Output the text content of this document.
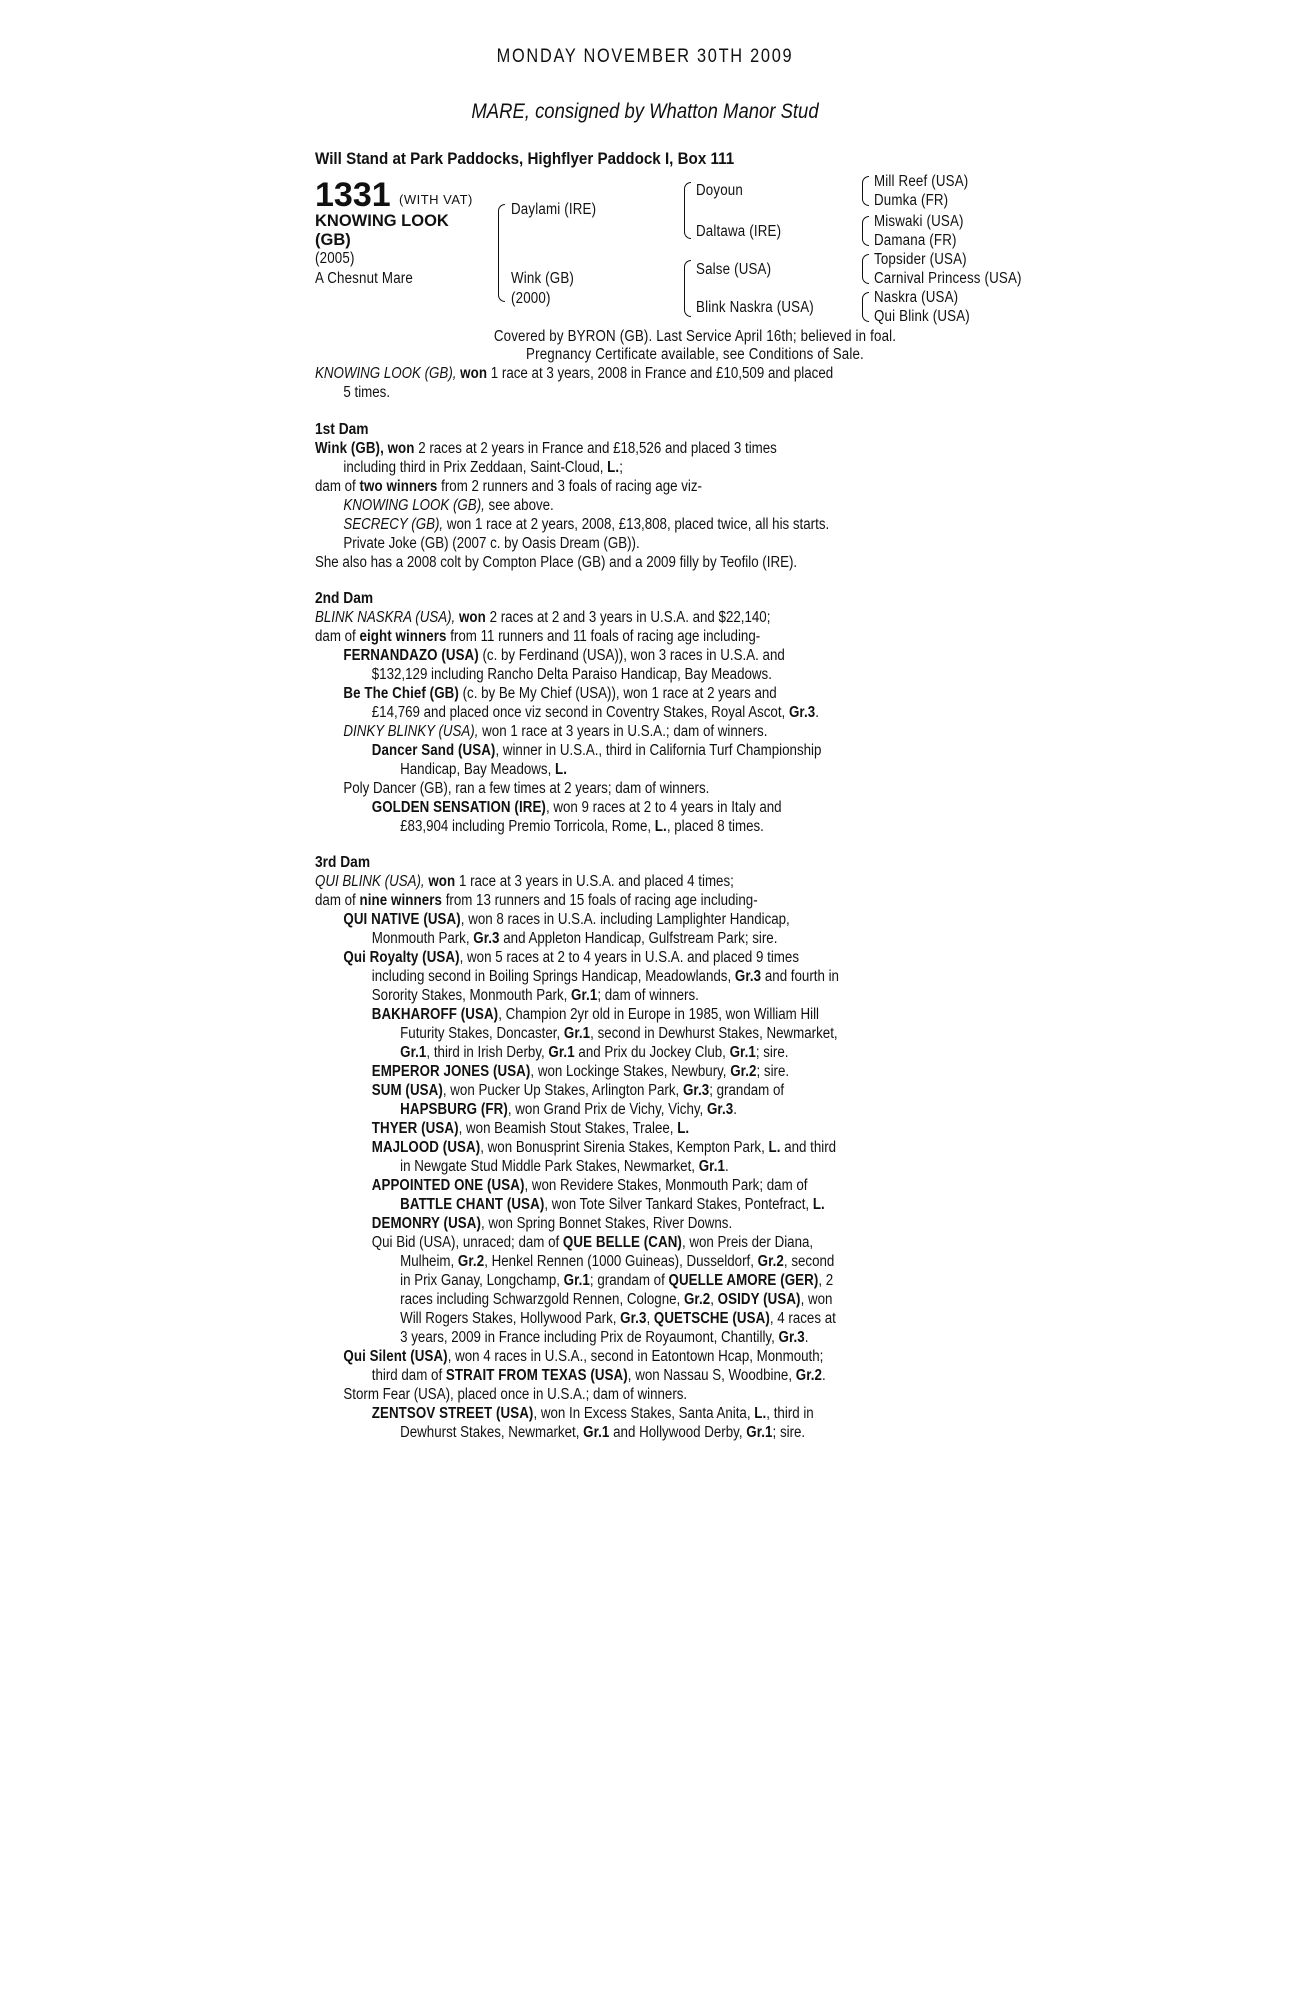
MONDAY NOVEMBER 30TH 2009
MARE, consigned by Whatton Manor Stud
Will Stand at Park Paddocks, Highflyer Paddock I, Box 111
1331 (WITH VAT)
KNOWING LOOK
(GB)
(2005)
A Chesnut Mare
Daylami (IRE)
Wink (GB)
(2000)
Doyoun
Daltawa (IRE)
Salse (USA)
Blink Naskra (USA)
Mill Reef (USA)
Dumka (FR)
Miswaki (USA)
Damana (FR)
Topsider (USA)
Carnival Princess (USA)
Naskra (USA)
Qui Blink (USA)
Covered by BYRON (GB). Last Service April 16th; believed in foal.
Pregnancy Certificate available, see Conditions of Sale.
KNOWING LOOK (GB), won 1 race at 3 years, 2008 in France and £10,509 and placed
5 times.
1st Dam
Wink (GB), won 2 races at 2 years in France and £18,526 and placed 3 times
including third in Prix Zeddaan, Saint-Cloud, L.;
dam of two winners from 2 runners and 3 foals of racing age viz-
KNOWING LOOK (GB), see above.
SECRECY (GB), won 1 race at 2 years, 2008, £13,808, placed twice, all his starts.
Private Joke (GB) (2007 c. by Oasis Dream (GB)).
She also has a 2008 colt by Compton Place (GB) and a 2009 filly by Teofilo (IRE).
2nd Dam
BLINK NASKRA (USA), won 2 races at 2 and 3 years in U.S.A. and $22,140;
dam of eight winners from 11 runners and 11 foals of racing age including-
FERNANDAZO (USA) (c. by Ferdinand (USA)), won 3 races in U.S.A. and
$132,129 including Rancho Delta Paraiso Handicap, Bay Meadows.
Be The Chief (GB) (c. by Be My Chief (USA)), won 1 race at 2 years and
£14,769 and placed once viz second in Coventry Stakes, Royal Ascot, Gr.3.
DINKY BLINKY (USA), won 1 race at 3 years in U.S.A.; dam of winners.
Dancer Sand (USA), winner in U.S.A., third in California Turf Championship
Handicap, Bay Meadows, L.
Poly Dancer (GB), ran a few times at 2 years; dam of winners.
GOLDEN SENSATION (IRE), won 9 races at 2 to 4 years in Italy and
£83,904 including Premio Torricola, Rome, L., placed 8 times.
3rd Dam
QUI BLINK (USA), won 1 race at 3 years in U.S.A. and placed 4 times;
dam of nine winners from 13 runners and 15 foals of racing age including-
QUI NATIVE (USA), won 8 races in U.S.A. including Lamplighter Handicap,
Monmouth Park, Gr.3 and Appleton Handicap, Gulfstream Park; sire.
Qui Royalty (USA), won 5 races at 2 to 4 years in U.S.A. and placed 9 times
including second in Boiling Springs Handicap, Meadowlands, Gr.3 and fourth in
Sorority Stakes, Monmouth Park, Gr.1; dam of winners.
BAKHAROFF (USA), Champion 2yr old in Europe in 1985, won William Hill
Futurity Stakes, Doncaster, Gr.1, second in Dewhurst Stakes, Newmarket,
Gr.1, third in Irish Derby, Gr.1 and Prix du Jockey Club, Gr.1; sire.
EMPEROR JONES (USA), won Lockinge Stakes, Newbury, Gr.2; sire.
SUM (USA), won Pucker Up Stakes, Arlington Park, Gr.3; grandam of
HAPSBURG (FR), won Grand Prix de Vichy, Vichy, Gr.3.
THYER (USA), won Beamish Stout Stakes, Tralee, L.
MAJLOOD (USA), won Bonusprint Sirenia Stakes, Kempton Park, L. and third
in Newgate Stud Middle Park Stakes, Newmarket, Gr.1.
APPOINTED ONE (USA), won Revidere Stakes, Monmouth Park; dam of
BATTLE CHANT (USA), won Tote Silver Tankard Stakes, Pontefract, L.
DEMONRY (USA), won Spring Bonnet Stakes, River Downs.
Qui Bid (USA), unraced; dam of QUE BELLE (CAN), won Preis der Diana,
Mulheim, Gr.2, Henkel Rennen (1000 Guineas), Dusseldorf, Gr.2, second
in Prix Ganay, Longchamp, Gr.1; grandam of QUELLE AMORE (GER), 2
races including Schwarzgold Rennen, Cologne, Gr.2, OSIDY (USA), won
Will Rogers Stakes, Hollywood Park, Gr.3, QUETSCHE (USA), 4 races at
3 years, 2009 in France including Prix de Royaumont, Chantilly, Gr.3.
Qui Silent (USA), won 4 races in U.S.A., second in Eatontown Hcap, Monmouth;
third dam of STRAIT FROM TEXAS (USA), won Nassau S, Woodbine, Gr.2.
Storm Fear (USA), placed once in U.S.A.; dam of winners.
ZENTSOV STREET (USA), won In Excess Stakes, Santa Anita, L., third in
Dewhurst Stakes, Newmarket, Gr.1 and Hollywood Derby, Gr.1; sire.
